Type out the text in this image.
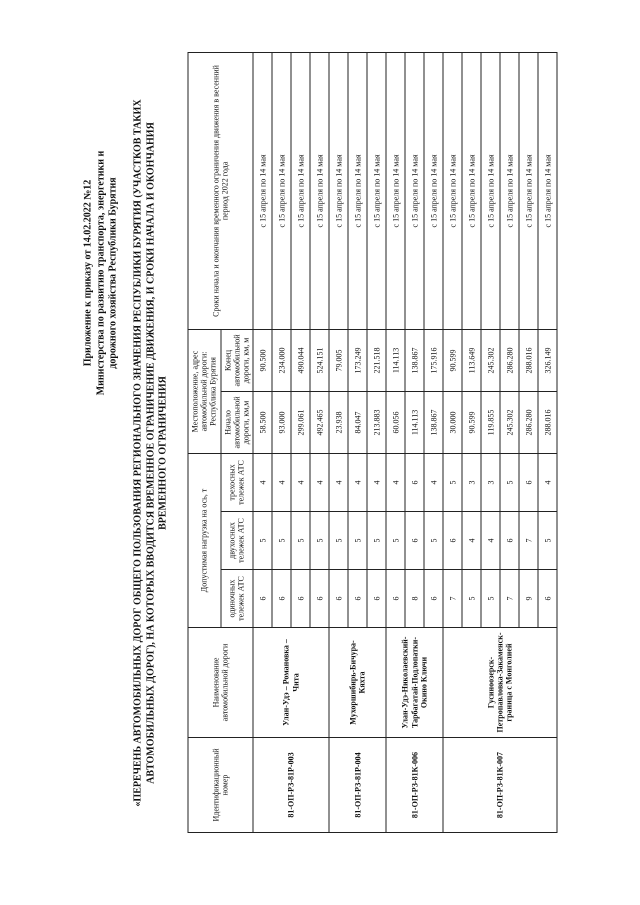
Приложение к приказу от 14.02.2022 №12 Министерства по развитию транспорта, энергетики и дорожного хозяйства Республики Бурятия «ПЕРЕЧЕНЬ АВТОМОБИЛЬНЫХ ДОРОГ ОБЩЕГО ПОЛЬЗОВАНИЯ РЕГИОНАЛЬНОГО ЗНАЧЕНИЯ РЕСПУБЛИКИ БУРЯТИЯ (УЧАСТКОВ ТАКИХ АВТОМОБИЛЬНЫХ ДОРОГ), НА КОТОРЫХ ВВОДИТСЯ ВРЕМЕННОЕ ОГРАНИЧЕНИЕ ДВИЖЕНИЯ, И СРОКИ НАЧАЛА И ОКОНЧАНИЯ ВРЕМЕННОГО ОГРАНИЧЕНИЯ
Идентификационный номер	Наименование автомобильной дороги	Допустимая нагрузка на ось, т			Местоположение, адрес автомобильной дороги: Республика Бурятия		Сроки начала и окончания временного ограничения движения в весенний период 2022 года
		одиночных тележек АТС	двухосных тележек АТС	трехосных тележек АТС	Начало автомобильной дороги, км,м	Конец автомобильной дороги, км, м	
81-ОП-РЗ-81Р-003	Улан-Удэ – Романовка – Чита	6	5	4	58.500	90.500	с 15 апреля по 14 мая
		6	5	4	93.000	234.000	с 15 апреля по 14 мая
		6	5	4	299.061	490.044	с 15 апреля по 14 мая
		6	5	4	492.465	524.151	с 15 апреля по 14 мая
81-ОП-РЗ-81Р-004	Мухоршибирь-Бичура-Кяхта	6	5	4	23.938	79.005	с 15 апреля по 14 мая
		6	5	4	84.047	173.249	с 15 апреля по 14 мая
		6	5	4	213.883	221.518	с 15 апреля по 14 мая
81-ОП-РЗ-81К-006	Улан-Удэ-Николаевский-Тарбагатай-Подлопатки-Окино Ключи	6	5	4	60.056	114.113	с 15 апреля по 14 мая
		8	6	6	114.113	138.867	с 15 апреля по 14 мая
		6	5	4	138.867	175.916	с 15 апреля по 14 мая
81-ОП-РЗ-81К-007	Гусиноозерск-Петропавловка-Закаменск-граница с Монголией	7	6	5	30.000	90.599	с 15 апреля по 14 мая
		5	4	3	90.599	113.649	с 15 апреля по 14 мая
		5	4	3	119.855	245.302	с 15 апреля по 14 мая
		7	6	5	245.302	286.280	с 15 апреля по 14 мая
		9	7	6	286.280	288.016	с 15 апреля по 14 мая
		6	5	4	288.016	326.149	с 15 апреля по 14 мая
